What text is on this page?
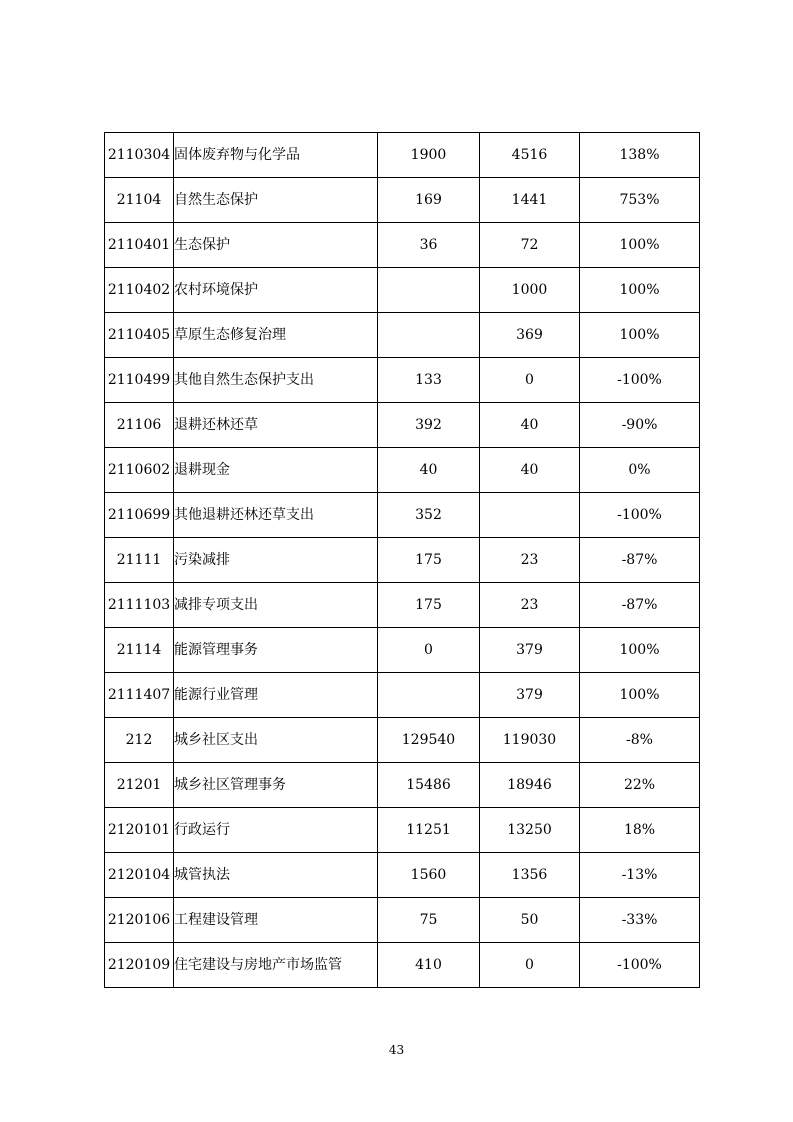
2110304	固体废弃物与化学品	1900	4516	138%
21104	自然生态保护	169	1441	753%
2110401	生态保护	36	72	100%
2110402	农村环境保护		1000	100%
2110405	草原生态修复治理		369	100%
2110499	其他自然生态保护支出	133	0	-100%
21106	退耕还林还草	392	40	-90%
2110602	退耕现金	40	40	0%
2110699	其他退耕还林还草支出	352		-100%
21111	污染减排	175	23	-87%
2111103	减排专项支出	175	23	-87%
21114	能源管理事务	0	379	100%
2111407	能源行业管理		379	100%
212	城乡社区支出	129540	119030	-8%
21201	城乡社区管理事务	15486	18946	22%
2120101	行政运行	11251	13250	18%
2120104	城管执法	1560	1356	-13%
2120106	工程建设管理	75	50	-33%
2120109	住宅建设与房地产市场监管	410	0	-100%
43
